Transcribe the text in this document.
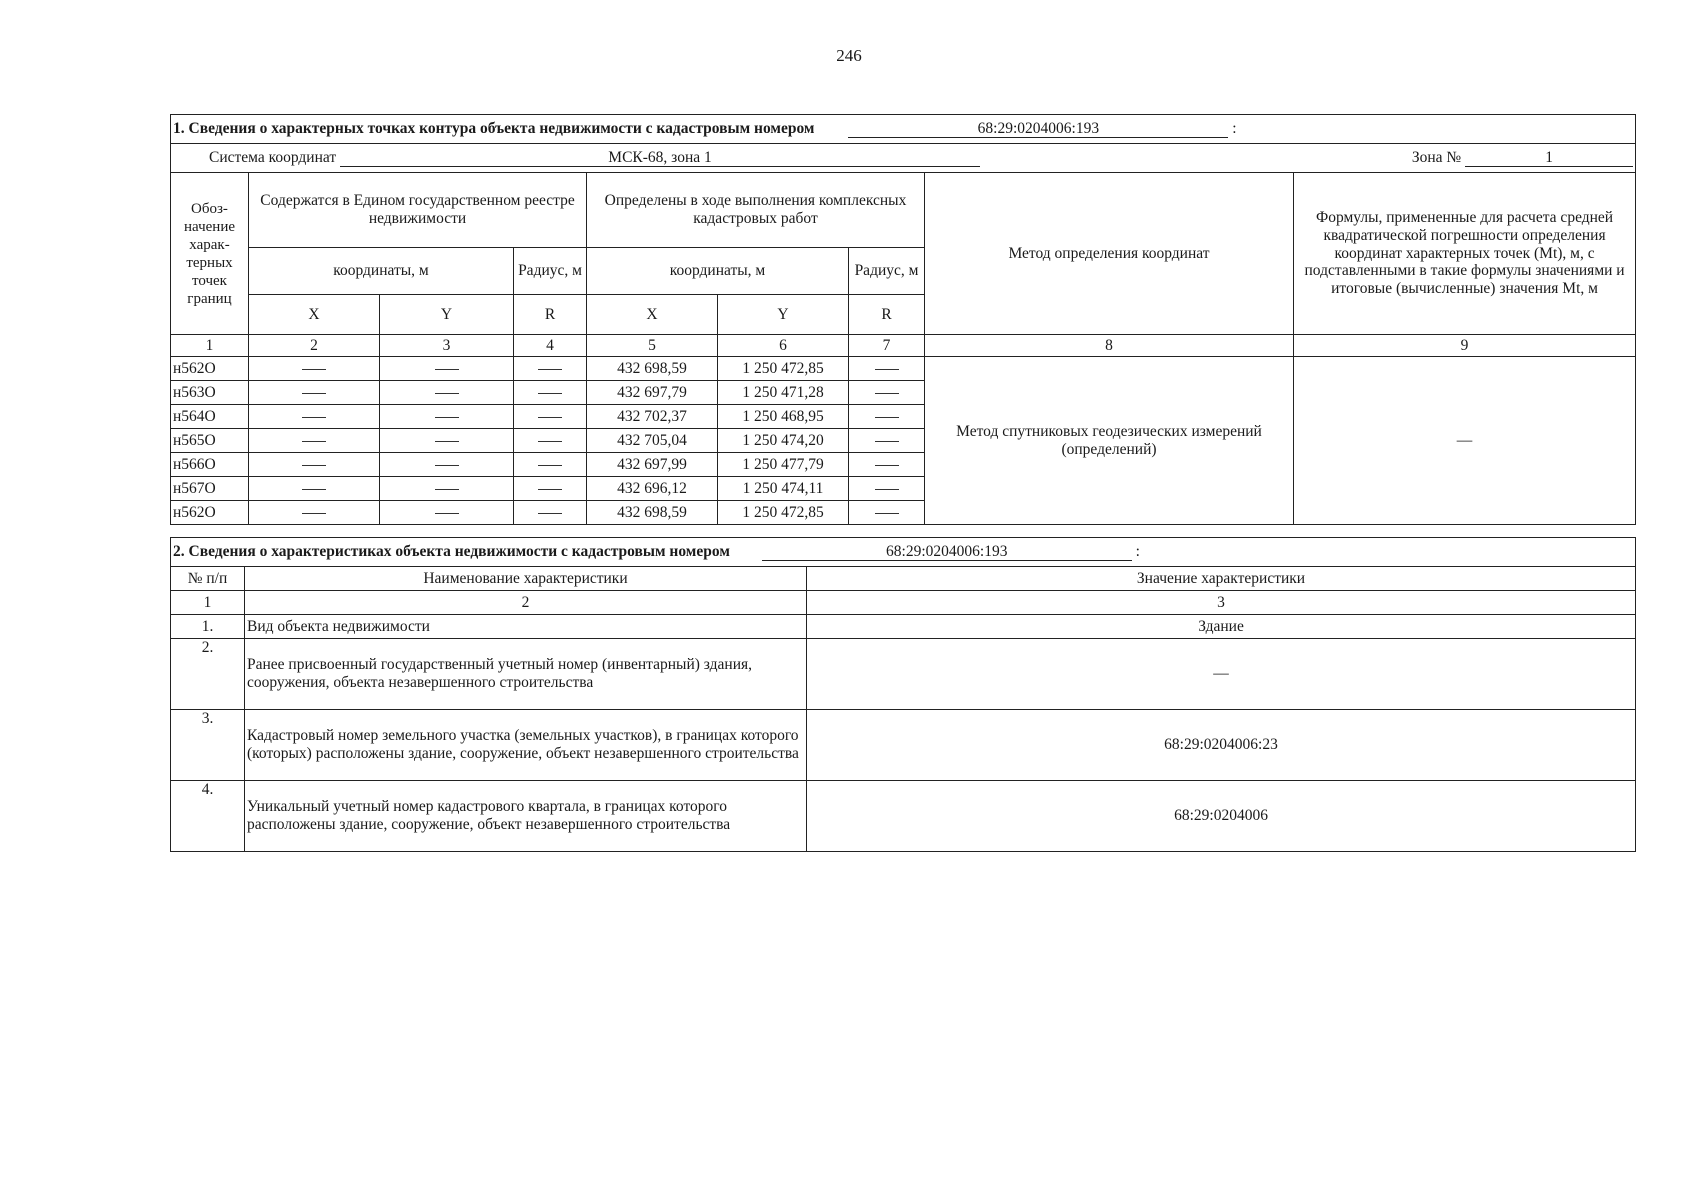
246
1. Сведения о характерных точках контура объекта недвижимости с кадастровым номером 68:29:0204006:193 :								
Система координат МСК-68, зона 1 Зона № 1								

Обоз-начение харак-терных точек границ	Содержатся в Едином государственном реестре недвижимости			Определены в ходе выполнения комплексных кадастровых работ			Метод определения координат	Формулы, примененные для расчета средней квадратической погрешности определения координат характерных точек (Mt), м, с подставленными в такие формулы значениями и итоговые (вычисленные) значения Mt, м
	координаты, м		Радиус, м	координаты, м		Радиус, м		
	X	Y	R	X	Y	R		
1	2	3	4	5	6	7	8	9
н562О				432 698,59	1 250 472,85		Метод спутниковых геодезических измерений (определений)	—
н563О				432 697,79	1 250 471,28			
н564О				432 702,37	1 250 468,95			
н565О				432 705,04	1 250 474,20			
н566О				432 697,99	1 250 477,79			
н567О				432 696,12	1 250 474,11			
н562О				432 698,59	1 250 472,85			
2. Сведения о характеристиках объекта недвижимости с кадастровым номером 68:29:0204006:193 :		
№ п/п	Наименование характеристики	Значение характеристики
1	2	3
1.	Вид объекта недвижимости	Здание
2.	Ранее присвоенный государственный учетный номер (инвентарный) здания, сооружения, объекта незавершенного строительства	—
3.	Кадастровый номер земельного участка (земельных участков), в границах которого (которых) расположены здание, сооружение, объект незавершенного строительства	68:29:0204006:23
4.	Уникальный учетный номер кадастрового квартала, в границах которого расположены здание, сооружение, объект незавершенного строительства	68:29:0204006
